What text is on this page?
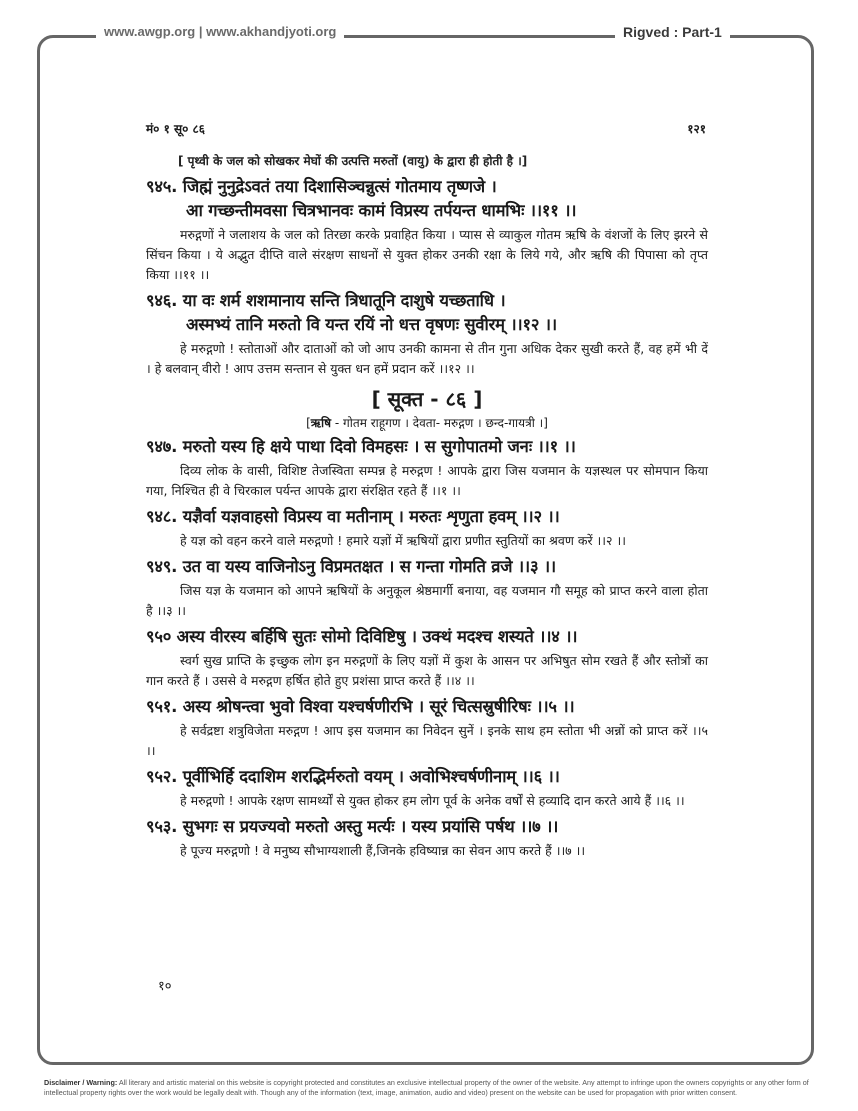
www.awgp.org | www.akhandjyoti.org	Rigved : Part-1
मं० १ सू० ८६	१२१
[ पृथ्वी के जल को सोखकर मेघों की उत्पत्ति मरुतों (वायु) के द्वारा ही होती है ।]
९४५. जिह्मं नुनुद्रेऽवतं तया दिशासिञ्चन्नुत्सं गोतमाय तृष्णजे ।
आ गच्छन्तीमवसा चित्रभानवः कामं विप्रस्य तर्पयन्त धामभिः ।।११ ।।
मरुद्गणों ने जलाशय के जल को तिरछा करके प्रवाहित किया । प्यास से व्याकुल गोतम ऋषि के वंशजों के लिए झरने से सिंचन किया । ये अद्भुत दीप्ति वाले संरक्षण साधनों से युक्त होकर उनकी रक्षा के लिये गये, और ऋषि की पिपासा को तृप्त किया ।।११ ।।
९४६. या वः शर्म शशमानाय सन्ति त्रिधातूनि दाशुषे यच्छताधि ।
अस्मभ्यं तानि मरुतो वि यन्त रयिं नो धत्त वृषणः सुवीरम् ।।१२ ।।
हे मरुद्गणो ! स्तोताओं और दाताओं को जो आप उनकी कामना से तीन गुना अधिक देकर सुखी करते हैं, वह हमें भी दें । हे बलवान् वीरो ! आप उत्तम सन्तान से युक्त धन हमें प्रदान करें ।।१२ ।।
[ सूक्त - ८६ ]
[ऋषि - गोतम राहूगण । देवता- मरुद्गण । छन्द-गायत्री ।]
९४७. मरुतो यस्य हि क्षये पाथा दिवो विमहसः । स सुगोपातमो जनः ।।१ ।।
दिव्य लोक के वासी, विशिष्ट तेजस्विता सम्पन्न हे मरुद्गण ! आपके द्वारा जिस यजमान के यज्ञस्थल पर सोमपान किया गया, निश्चित ही वे चिरकाल पर्यन्त आपके द्वारा संरक्षित रहते हैं ।।१ ।।
९४८. यज्ञैर्वा यज्ञवाहसो विप्रस्य वा मतीनाम् । मरुतः शृणुता हवम् ।।२ ।।
हे यज्ञ को वहन करने वाले मरुद्गणो ! हमारे यज्ञों में ऋषियों द्वारा प्रणीत स्तुतियों का श्रवण करें ।।२ ।।
९४९. उत वा यस्य वाजिनोऽनु विप्रमतक्षत । स गन्ता गोमति व्रजे ।।३ ।।
जिस यज्ञ के यजमान को आपने ऋषियों के अनुकूल श्रेष्ठमार्गी बनाया, वह यजमान गौ समूह को प्राप्त करने वाला होता है ।।३ ।।
९५० अस्य वीरस्य बर्हिषि सुतः सोमो दिविष्टिषु । उक्थं मदश्च शस्यते ।।४ ।।
स्वर्ग सुख प्राप्ति के इच्छुक लोग इन मरुद्गणों के लिए यज्ञों में कुश के आसन पर अभिषुत सोम रखते हैं और स्तोत्रों का गान करते हैं । उससे वे मरुद्गण हर्षित होते हुए प्रशंसा प्राप्त करते हैं ।।४ ।।
९५१. अस्य श्रोषन्त्वा भुवो विश्वा यश्चर्षणीरभि । सूरं चित्सस्रुषीरिषः ।।५ ।।
हे सर्वद्रष्टा शत्रुविजेता मरुद्गण ! आप इस यजमान का निवेदन सुनें । इनके साथ हम स्तोता भी अन्नों को प्राप्त करें ।।५ ।।
९५२. पूर्वीभिर्हि ददाशिम शरद्भिर्मरुतो वयम् । अवोभिश्चर्षणीनाम् ।।६ ।।
हे मरुद्गणो ! आपके रक्षण सामर्थ्यों से युक्त होकर हम लोग पूर्व के अनेक वर्षों से हव्यादि दान करते आये हैं ।।६ ।।
९५३. सुभगः स प्रयज्यवो मरुतो अस्तु मर्त्यः । यस्य प्रयांसि पर्षथ ।।७ ।।
हे पूज्य मरुद्गणो ! वे मनुष्य सौभाग्यशाली हैं,जिनके हविष्यान्न का सेवन आप करते हैं ।।७ ।।
१०
Disclaimer / Warning: All literary and artistic material on this website is copyright protected and constitutes an exclusive intellectual property of the owner of the website. Any attempt to infringe upon the owners copyrights or any other form of intellectual property rights over the work would be legally dealt with. Though any of the information (text, image, animation, audio and video) present on the website can be used for propagation with prior written consent.
